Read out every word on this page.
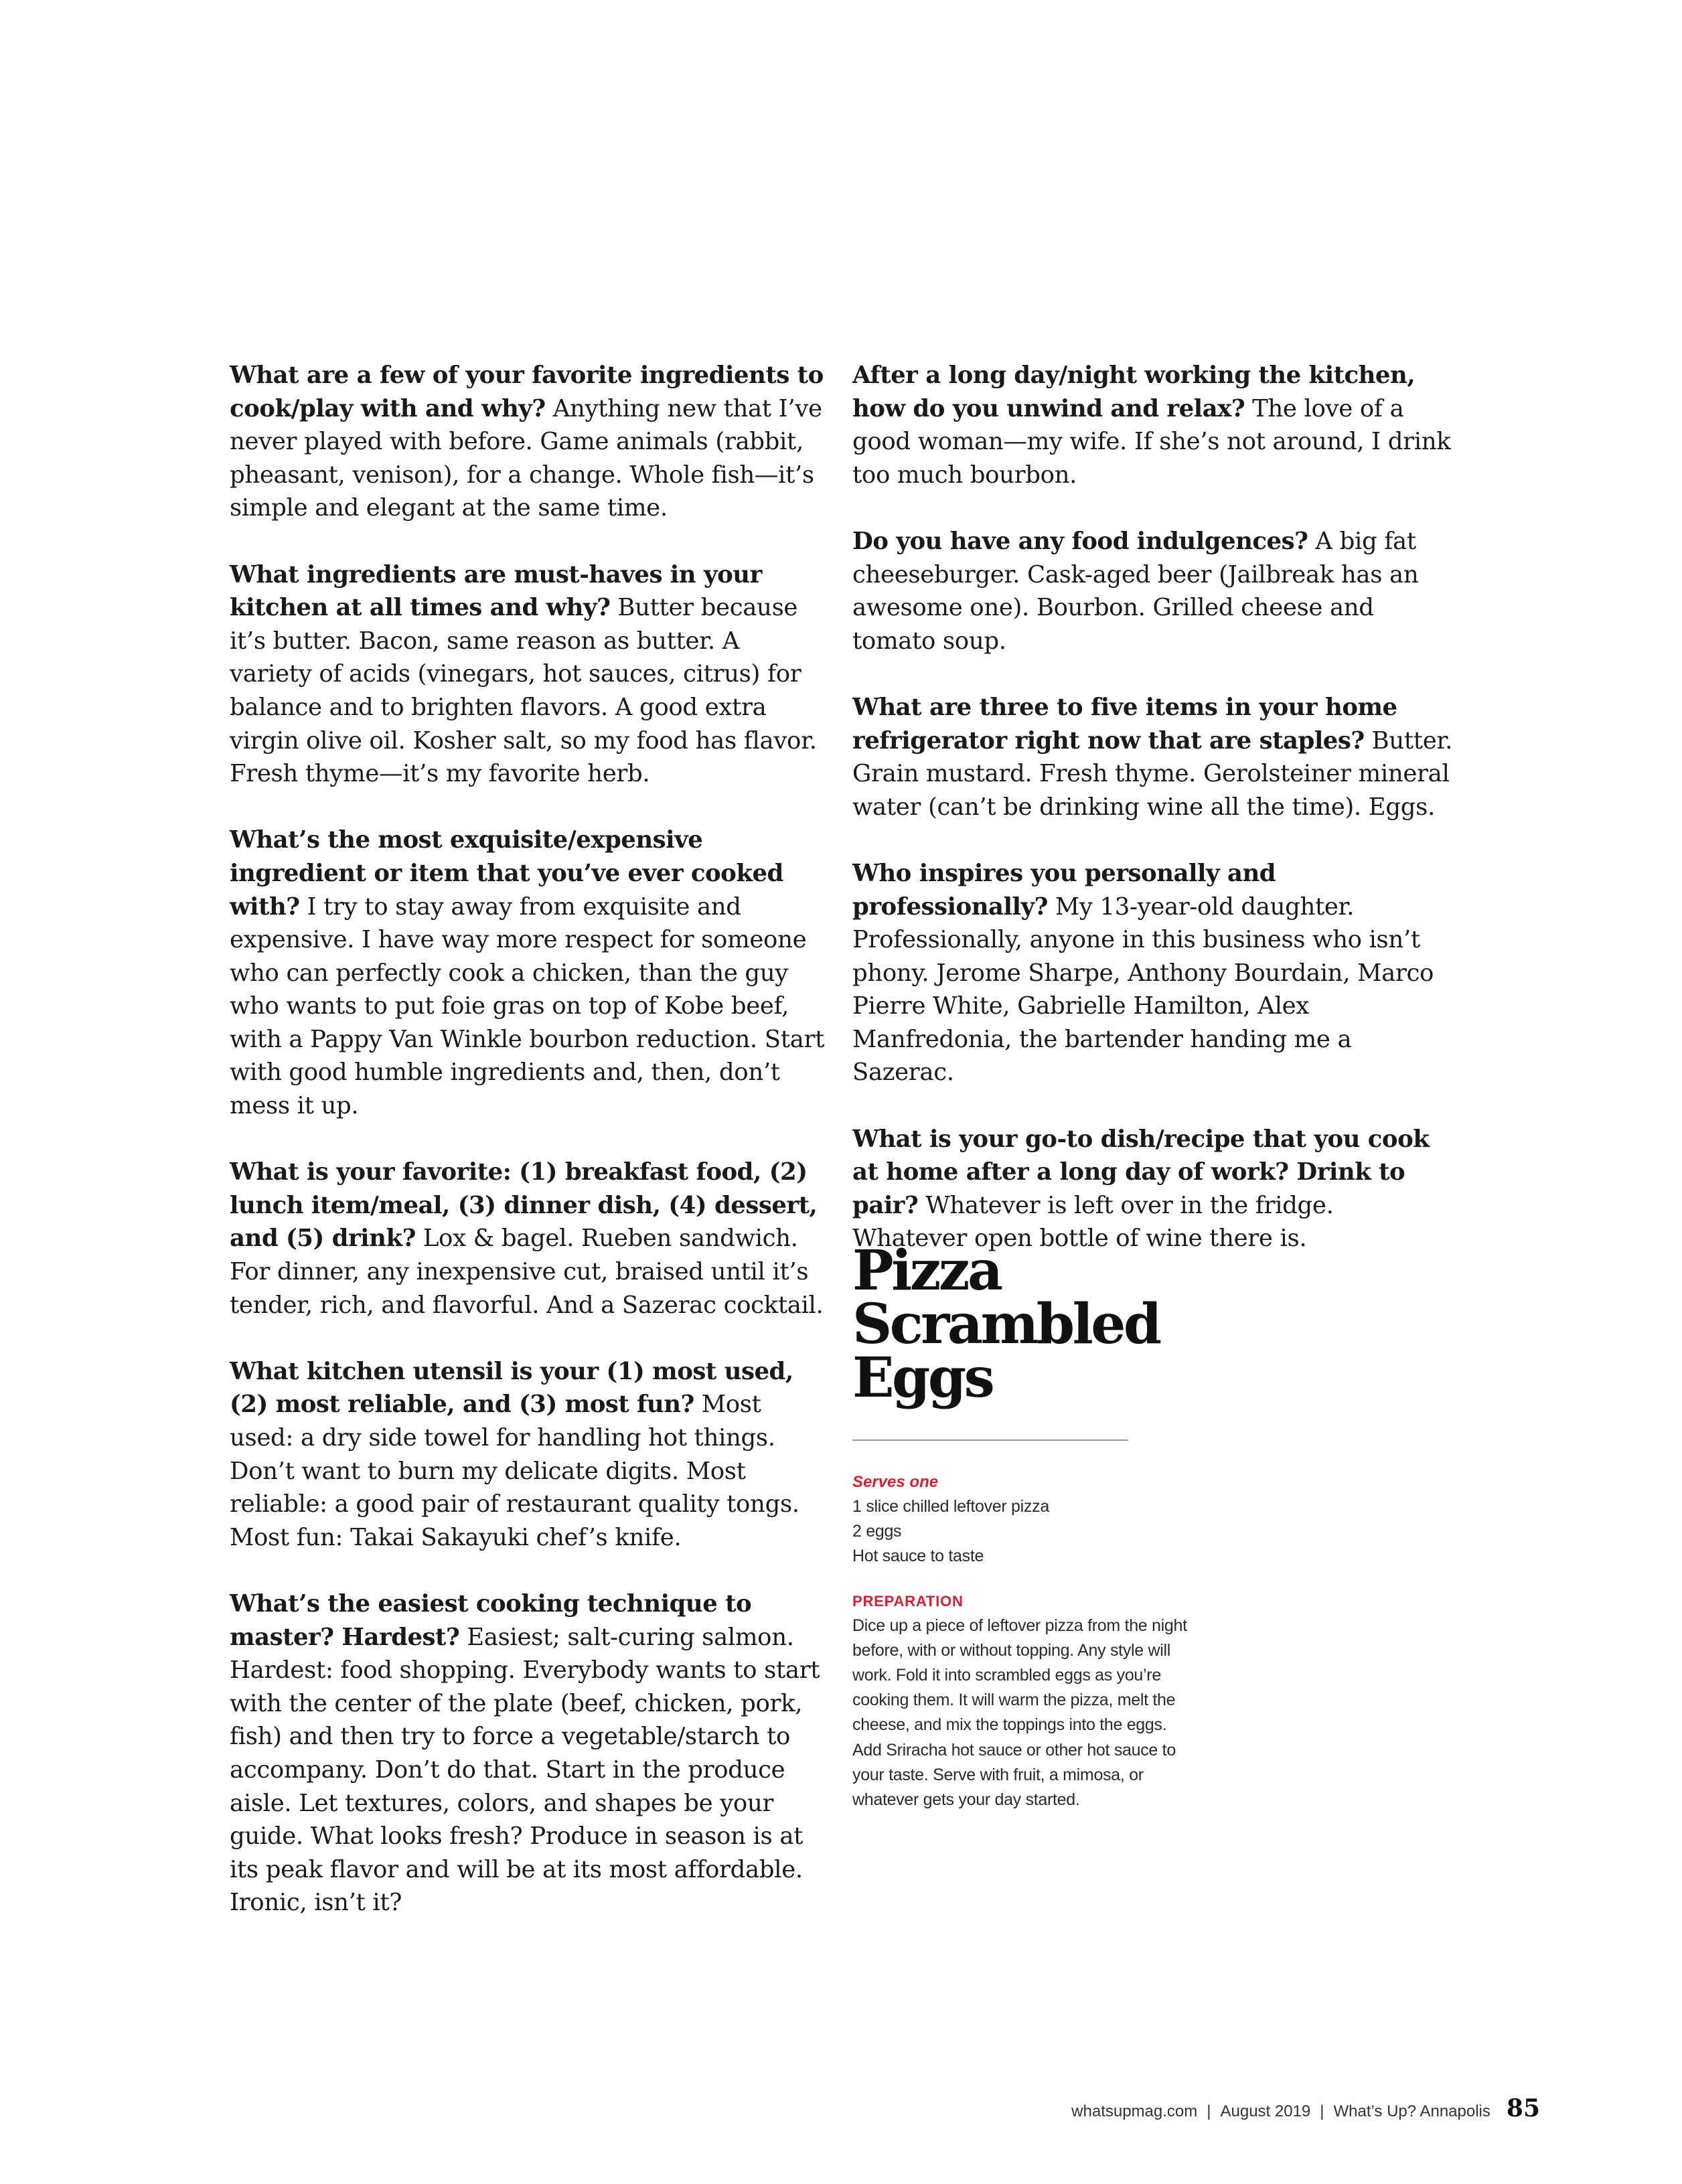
What are a few of your favorite ingredients to cook/play with and why? Anything new that I’ve never played with before. Game animals (rabbit, pheasant, venison), for a change. Whole fish—it’s simple and elegant at the same time.

What ingredients are must-haves in your kitchen at all times and why? Butter because it’s butter. Bacon, same reason as butter. A variety of acids (vinegars, hot sauces, citrus) for balance and to brighten flavors. A good extra virgin olive oil. Kosher salt, so my food has flavor. Fresh thyme—it’s my favorite herb.

What’s the most exquisite/expensive ingredient or item that you’ve ever cooked with? I try to stay away from exquisite and expensive. I have way more respect for someone who can perfectly cook a chicken, than the guy who wants to put foie gras on top of Kobe beef, with a Pappy Van Winkle bourbon reduction. Start with good humble ingredients and, then, don’t mess it up.

What is your favorite: (1) breakfast food, (2) lunch item/meal, (3) dinner dish, (4) dessert, and (5) drink? Lox & bagel. Rueben sandwich. For dinner, any inexpensive cut, braised until it’s tender, rich, and flavorful. And a Sazerac cocktail.

What kitchen utensil is your (1) most used, (2) most reliable, and (3) most fun? Most used: a dry side towel for handling hot things. Don’t want to burn my delicate digits. Most reliable: a good pair of restaurant quality tongs. Most fun: Takai Sakayuki chef’s knife.

What’s the easiest cooking technique to master? Hardest? Easiest; salt-curing salmon. Hardest: food shopping. Everybody wants to start with the center of the plate (beef, chicken, pork, fish) and then try to force a vegetable/starch to accompany. Don’t do that. Start in the produce aisle. Let textures, colors, and shapes be your guide. What looks fresh? Produce in season is at its peak flavor and will be at its most affordable. Ironic, isn’t it?

After a long day/night working the kitchen, how do you unwind and relax? The love of a good woman—my wife. If she’s not around, I drink too much bourbon.

Do you have any food indulgences? A big fat cheeseburger. Cask-aged beer (Jailbreak has an awesome one). Bourbon. Grilled cheese and tomato soup.

What are three to five items in your home refrigerator right now that are staples? Butter. Grain mustard. Fresh thyme. Gerolsteiner mineral water (can’t be drinking wine all the time). Eggs.

Who inspires you personally and professionally? My 13-year-old daughter. Professionally, anyone in this business who isn’t phony. Jerome Sharpe, Anthony Bourdain, Marco Pierre White, Gabrielle Hamilton, Alex Manfredonia, the bartender handing me a Sazerac.

What is your go-to dish/recipe that you cook at home after a long day of work? Drink to pair? Whatever is left over in the fridge. Whatever open bottle of wine there is.

Pizza
Scrambled
Eggs
Serves one
1 slice chilled leftover pizza
2 eggs
Hot sauce to taste
PREPARATION
Dice up a piece of leftover pizza from the night before, with or without topping. Any style will work. Fold it into scrambled eggs as you’re cooking them. It will warm the pizza, melt the cheese, and mix the toppings into the eggs. Add Sriracha hot sauce or other hot sauce to your taste. Serve with fruit, a mimosa, or whatever gets your day started.
whatsupmag.com | August 2019 | What’s Up? Annapolis 85
